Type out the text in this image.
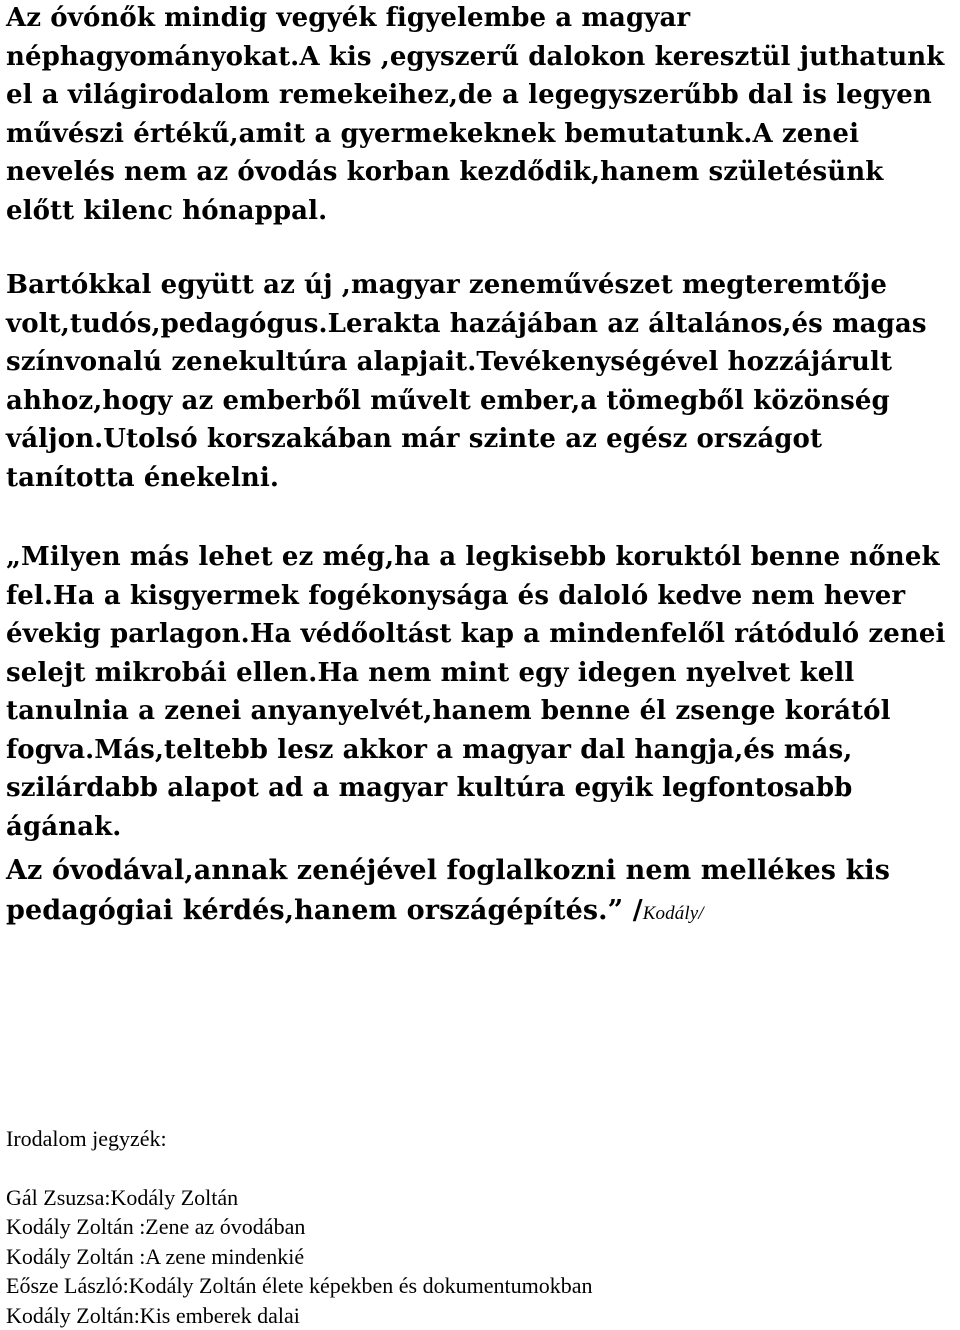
Az óvónők mindig vegyék figyelembe a magyar néphagyományokat.A kis ,egyszerű dalokon keresztül juthatunk el a világirodalom remekeihez,de a legegyszerűbb dal is legyen művészi értékű,amit a gyermekeknek bemutatunk.A zenei nevelés nem az óvodás korban kezdődik,hanem születésünk előtt kilenc hónappal.

Bartókkal együtt az új ,magyar zeneművészet megteremtője volt,tudós,pedagógus.Lerakta hazájában az általános,és magas színvonalú zenekultúra alapjait.Tevékenységével hozzájárult ahhoz,hogy az emberből művelt ember,a tömegből közönség váljon.Utolsó korszakában már szinte az egész országot tanította énekelni.

„Milyen más lehet ez még,ha a legkisebb koruktól benne nőnek fel.Ha a kisgyermek fogékonysága és daloló kedve nem hever évekig parlagon.Ha védőoltást kap a mindenfelől rátóduló zenei selejt mikrobái ellen.Ha nem mint egy idegen nyelvet kell tanulnia a zenei anyanyelvét,hanem benne él zsenge korától fogva.Más,teltebb lesz akkor a magyar dal hangja,és más, szilárdabb alapot ad a magyar kultúra egyik legfontosabb ágának.

Az óvodával,annak zenéjével foglalkozni nem mellékes kis pedagógiai kérdés,hanem országépítés.” /Kodály/

Irodalom jegyzék:

Gál Zsuzsa:Kodály Zoltán
Kodály Zoltán :Zene az óvodában
Kodály Zoltán :A zene mindenkié
Eősze László:Kodály Zoltán élete képekben és dokumentumokban
Kodály Zoltán:Kis emberek dalai
